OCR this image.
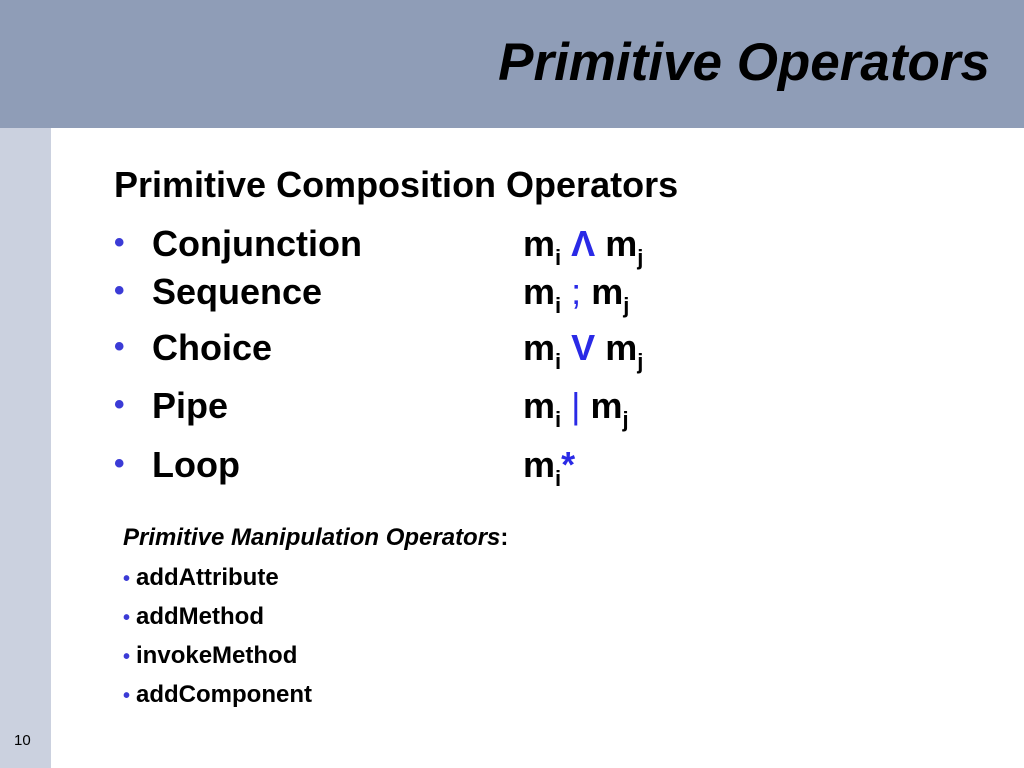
Primitive Operators
10
Primitive Composition Operators
• Conjunction	$m_i$ Λ $m_j$
• Sequence	$m_i$ ; $m_j$
• Choice	$m_i$ V $m_j$
• Pipe	$m_i$ | $m_j$
• Loop	$m_i*$
Primitive Manipulation Operators:
• addAttribute
• addMethod
• invokeMethod
• addComponent
